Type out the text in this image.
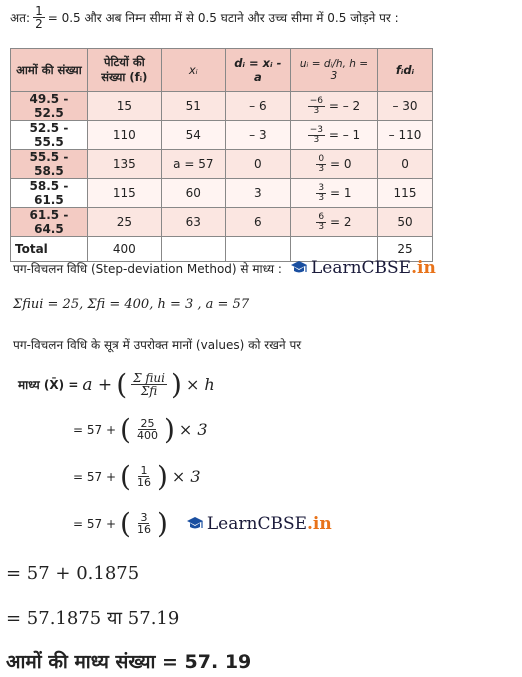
अत: $\frac{1}{2} = 0.5$ और अब निम्न सीमा में से 0.5 घटाने और उच्च सीमा में 0.5 जोड़ने पर :
आमों की संख्या	पेटियों की संख्या (fᵢ)	xᵢ	dᵢ = xᵢ - a	uᵢ = dᵢ/h, h = 3	fᵢdᵢ
49.5 - 52.5	15	51	– 6	$\frac{-6}{3}$ = – 2	– 30
52.5 - 55.5	110	54	– 3	$\frac{-3}{3}$ = – 1	– 110
55.5 - 58.5	135	a = 57	0	$\frac{0}{3} = 0$	0
58.5 - 61.5	115	60	3	$\frac{3}{3} = 1$	115
61.5 - 64.5	25	63	6	$\frac{6}{3} = 2$	50
Total	400				25
पग-विचलन विधि (Step-deviation Method) से माध्य : LearnCBSE .in
Σfiui = 25, Σfi = 400, h = 3 , a = 57
पग-विचलन विधि के सूत्र में उपरोक्त मानों (values) को रखने पर
माध्य (X̄) = a + ( $\frac{\text{Σ fiui}}{\text{Σfi}}$ ) × h
= 57 + ( $\frac{25}{400}$ ) × 3
= 57 + ( $\frac{1}{16}$ ) × 3
= 57 + ( $\frac{3}{16}$ ) LearnCBSE .in
= 57 + 0.1875
= 57.1875 या 57.19
आमों की माध्य संख्या = 57. 19
